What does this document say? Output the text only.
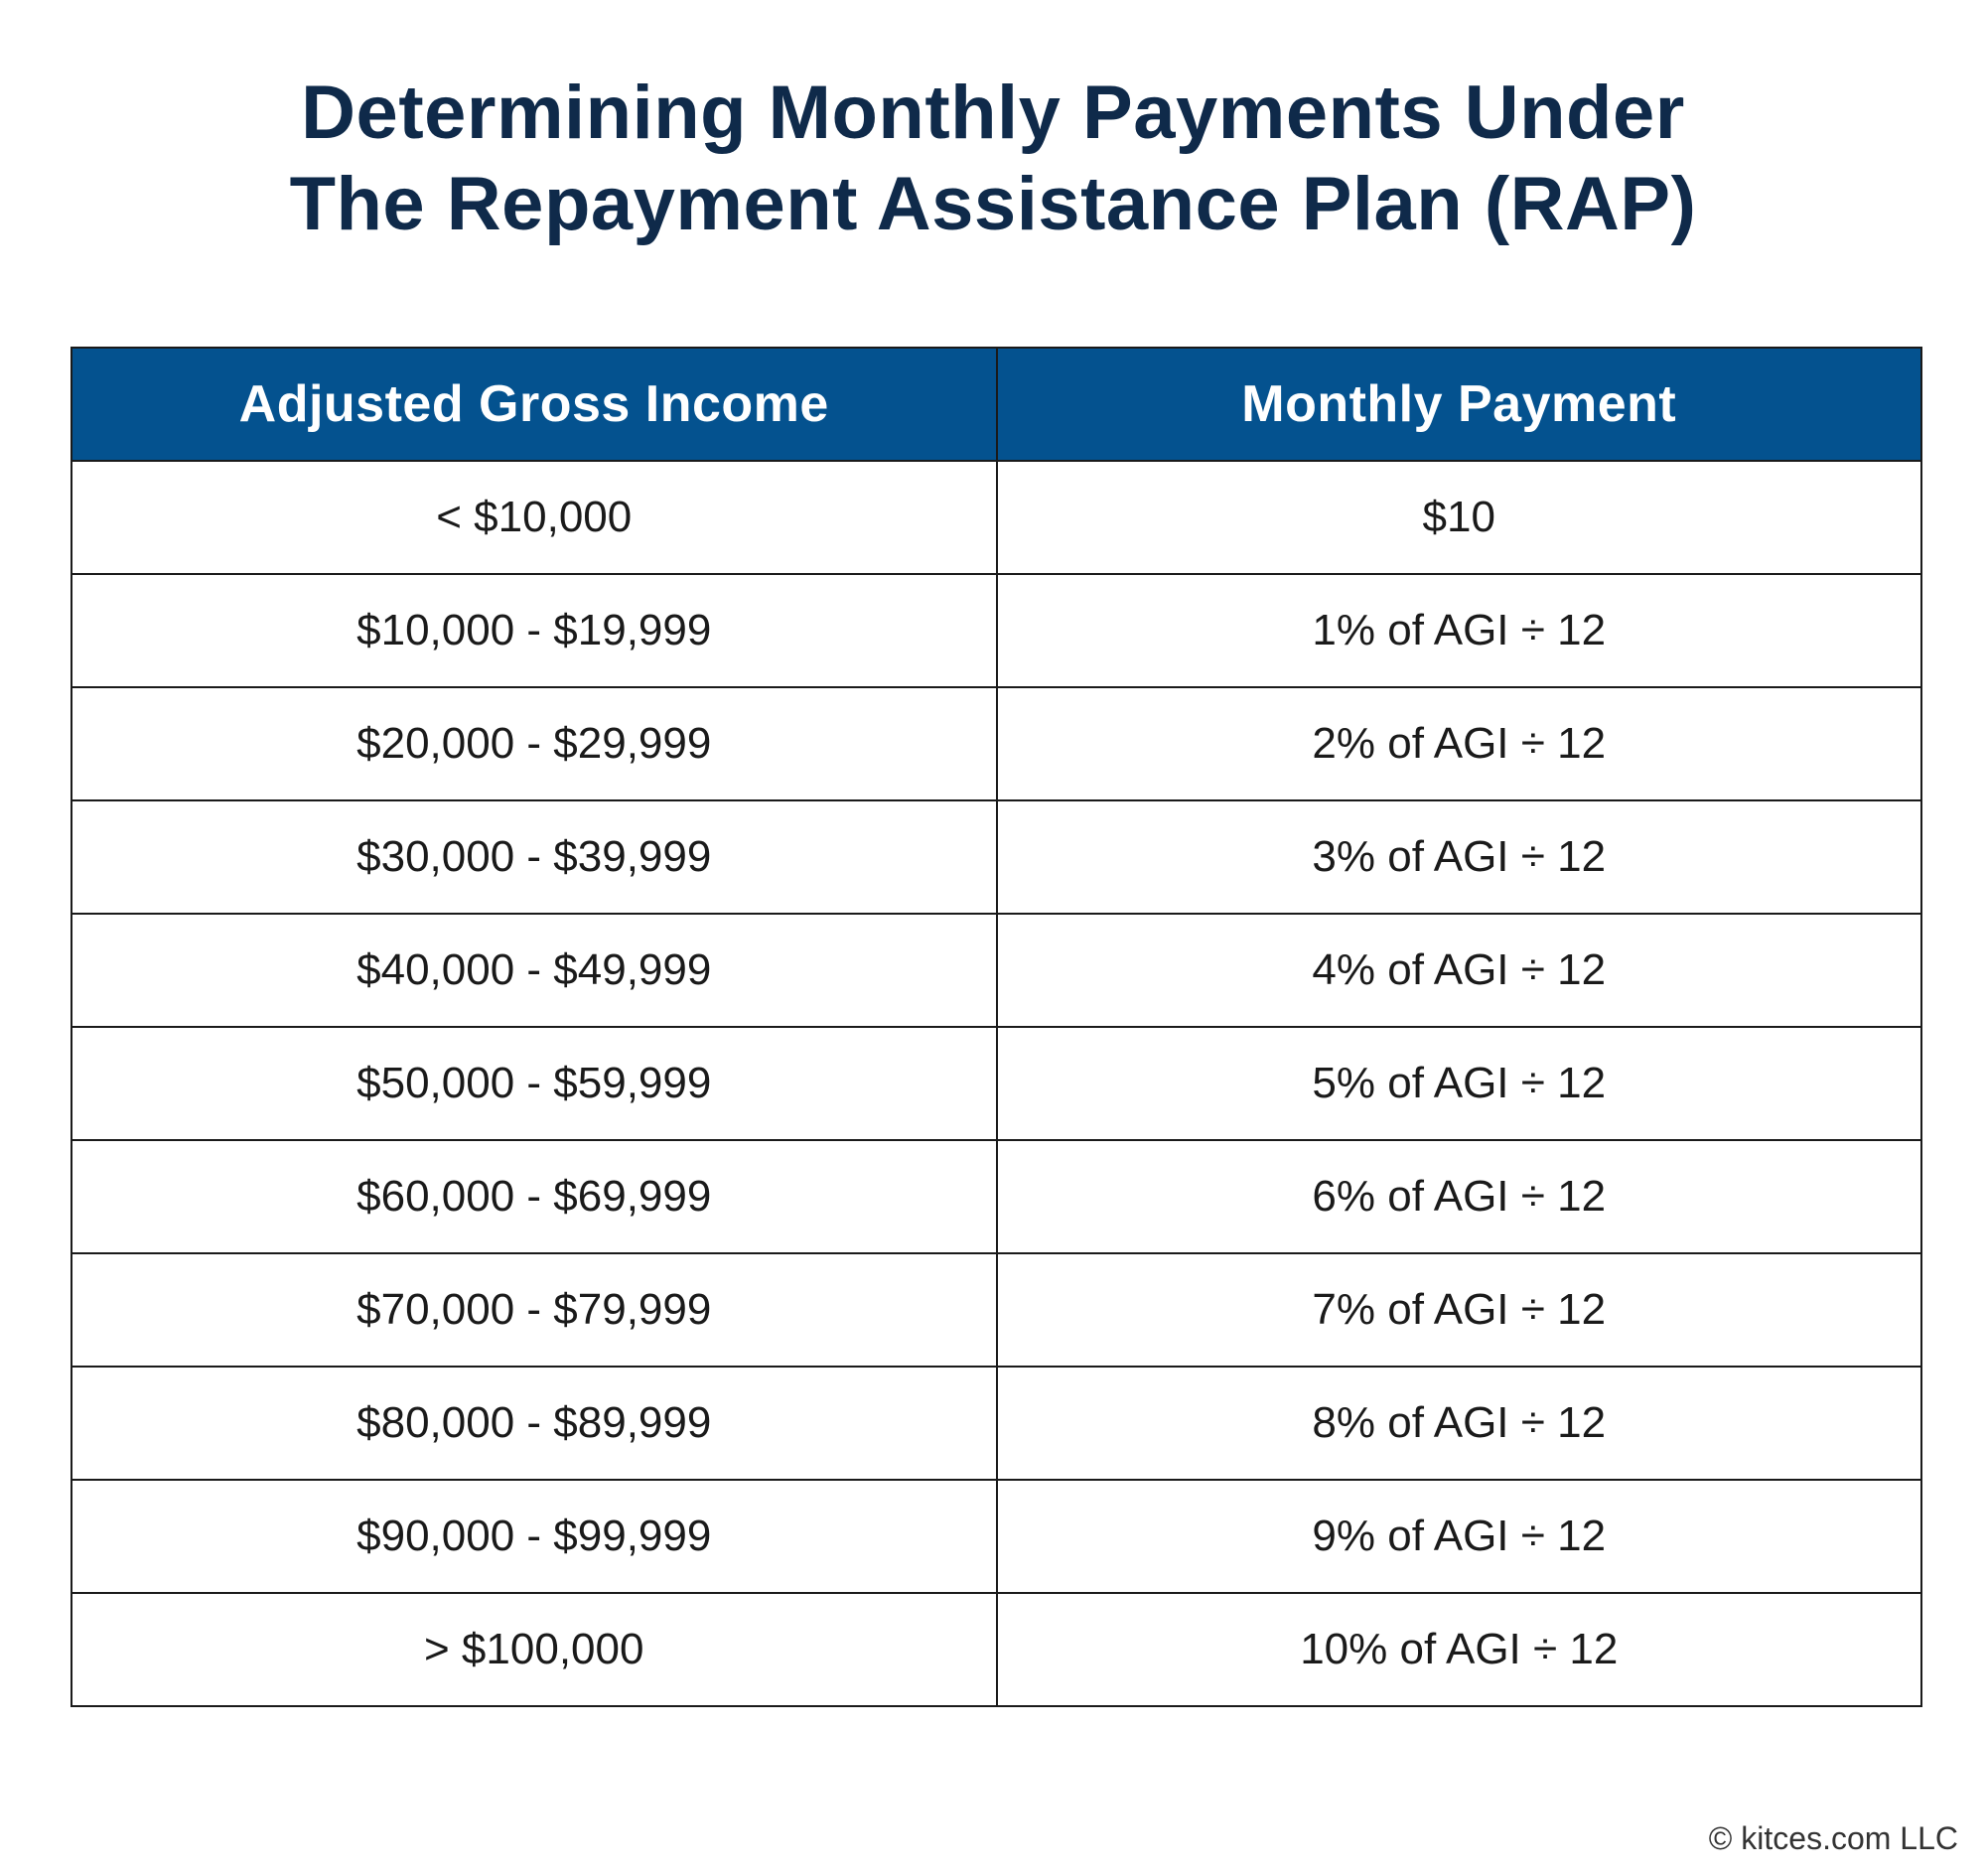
Determining Monthly Payments Under
The Repayment Assistance Plan (RAP)
Adjusted Gross Income	Monthly Payment
< $10,000	$10
$10,000 - $19,999	1% of AGI ÷ 12
$20,000 - $29,999	2% of AGI ÷ 12
$30,000 - $39,999	3% of AGI ÷ 12
$40,000 - $49,999	4% of AGI ÷ 12
$50,000 - $59,999	5% of AGI ÷ 12
$60,000 - $69,999	6% of AGI ÷ 12
$70,000 - $79,999	7% of AGI ÷ 12
$80,000 - $89,999	8% of AGI ÷ 12
$90,000 - $99,999	9% of AGI ÷ 12
> $100,000	10% of AGI ÷ 12
© kitces.com LLC
